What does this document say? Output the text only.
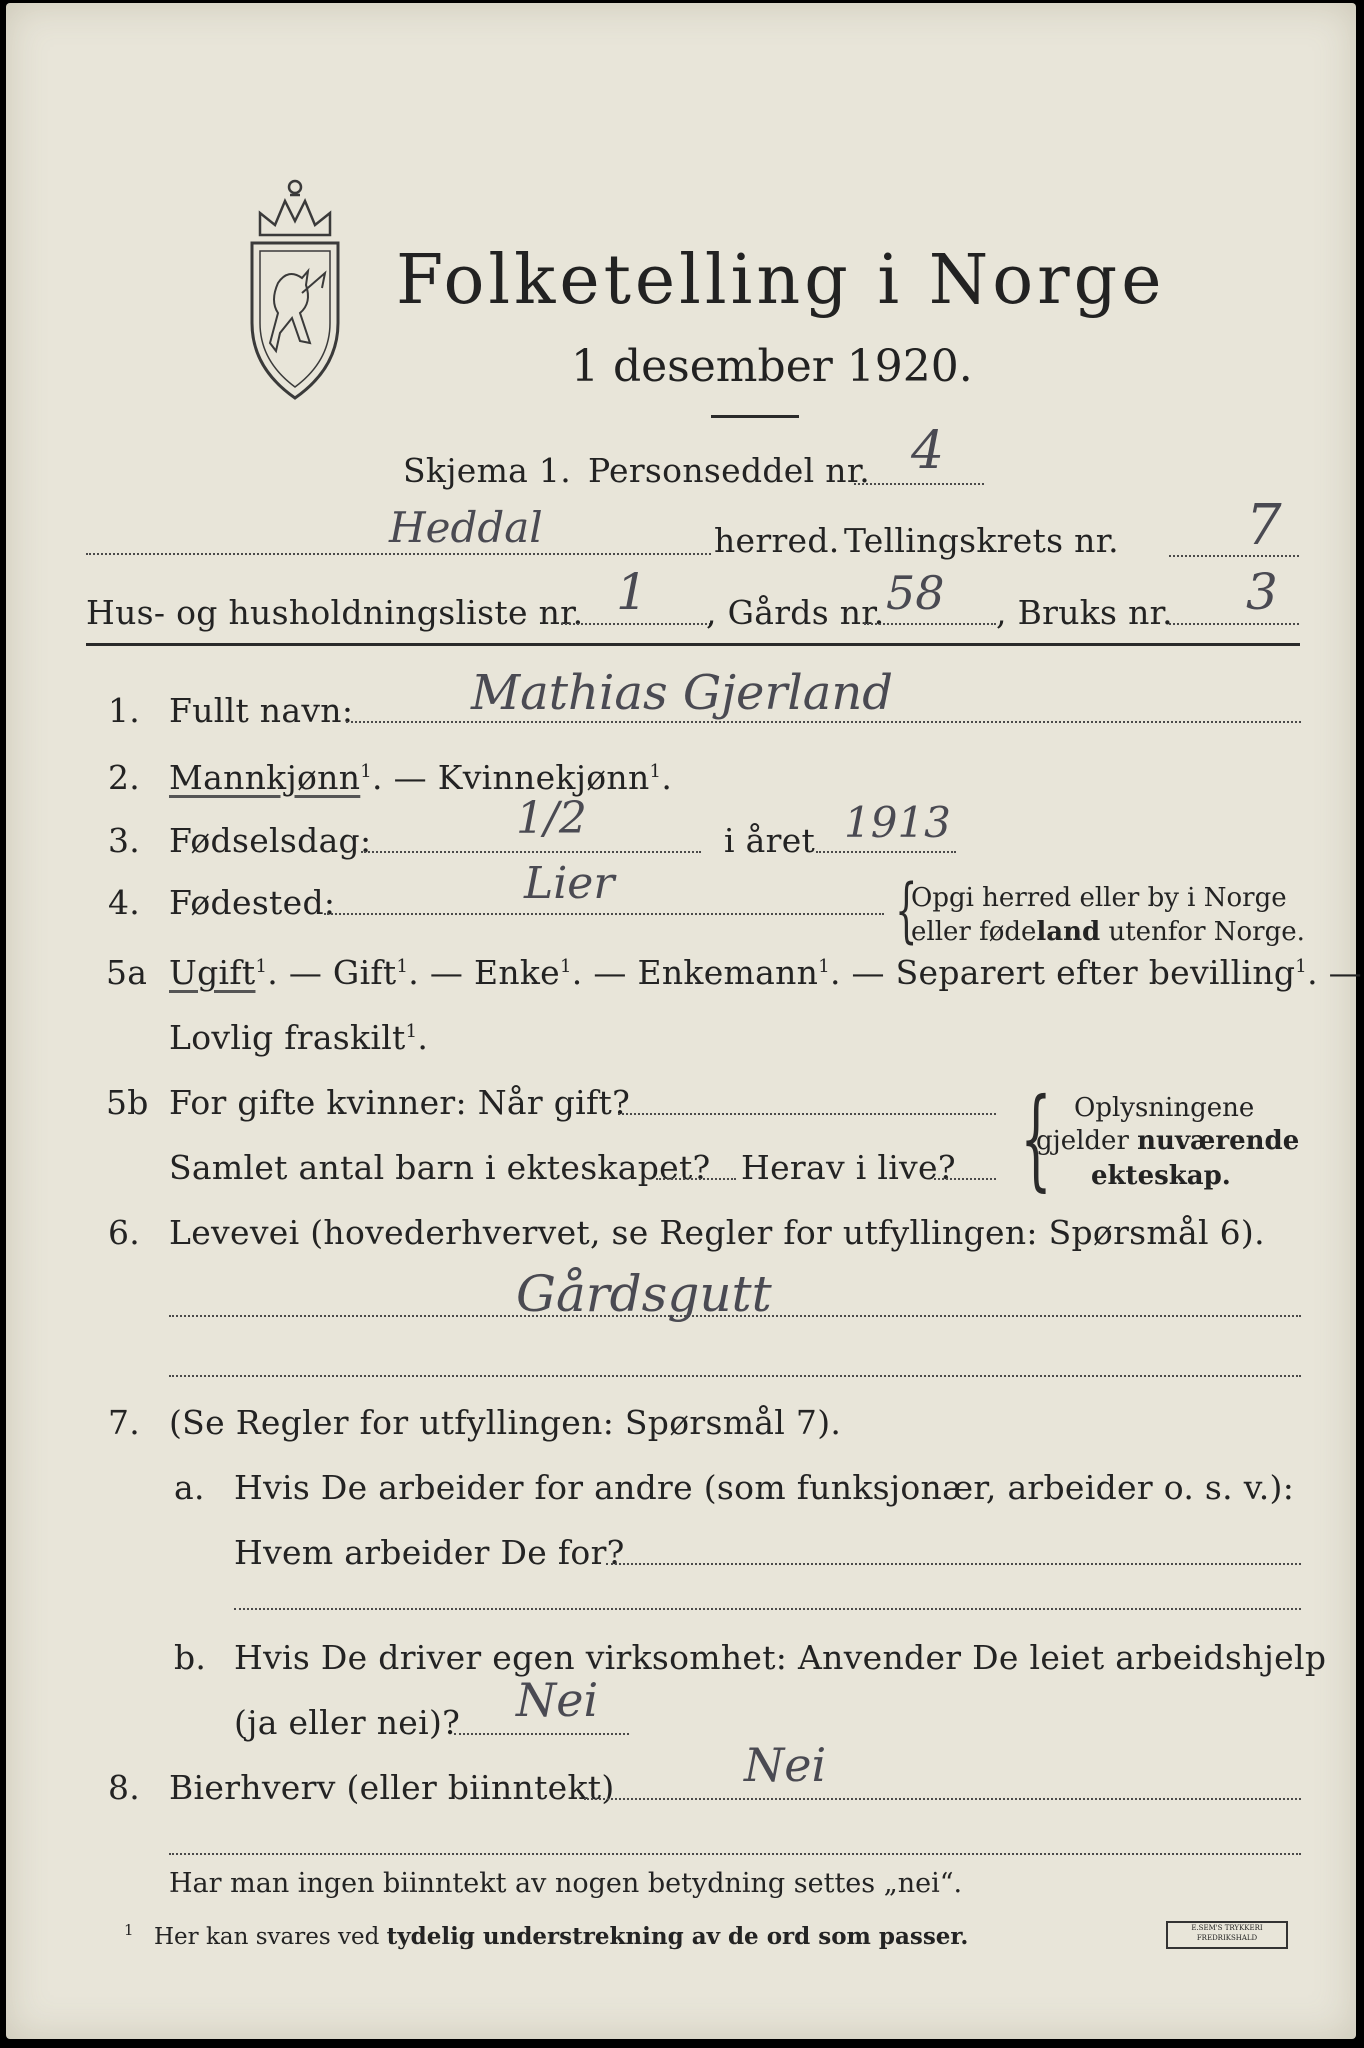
Folketelling i Norge
1 desember 1920.
Skjema 1. Personseddel nr. 4
Heddal	herred. Tellingskrets nr. 7
Hus- og husholdningsliste nr. 1 , Gårds nr. 58 , Bruks nr. 3
1. Fullt navn: Mathias Gjerland
2. Mannkjønn$^1$. — Kvinnekjønn$^1$.
3. Fødselsdag:	1/2	i året 1913
4. Fødested:	Lier	{
Opgi herred eller by i Norge
eller fødeland utenfor Norge.
5a Ugift$^1$. — Gift$^1$. — Enke$^1$. — Enkemann$^1$. — Separert efter bevilling$^1$. —
Lovlig fraskilt$^1$.
5b For gifte kvinner: Når gift?
Samlet antal barn i ekteskapet? Herav i live? { Oplysningene
gjelder nuværende
ekteskap.
6. Levevei (hovederhvervet, se Regler for utfyllingen: Spørsmål 6).
Gårdsgutt
7. (Se Regler for utfyllingen: Spørsmål 7).
a. Hvis De arbeider for andre (som funksjonær, arbeider o. s. v.):
Hvem arbeider De for?
b. Hvis De driver egen virksomhet: Anvender De leiet arbeidshjelp
(ja eller nei)? Nei
8. Bierhverv (eller biinntekt)	Nei
Har man ingen biinntekt av nogen betydning settes „nei“.
1 Her kan svares ved tydelig understrekning av de ord som passer.	E.SEM'S TRYKKERI
FREDRIKSHALD
